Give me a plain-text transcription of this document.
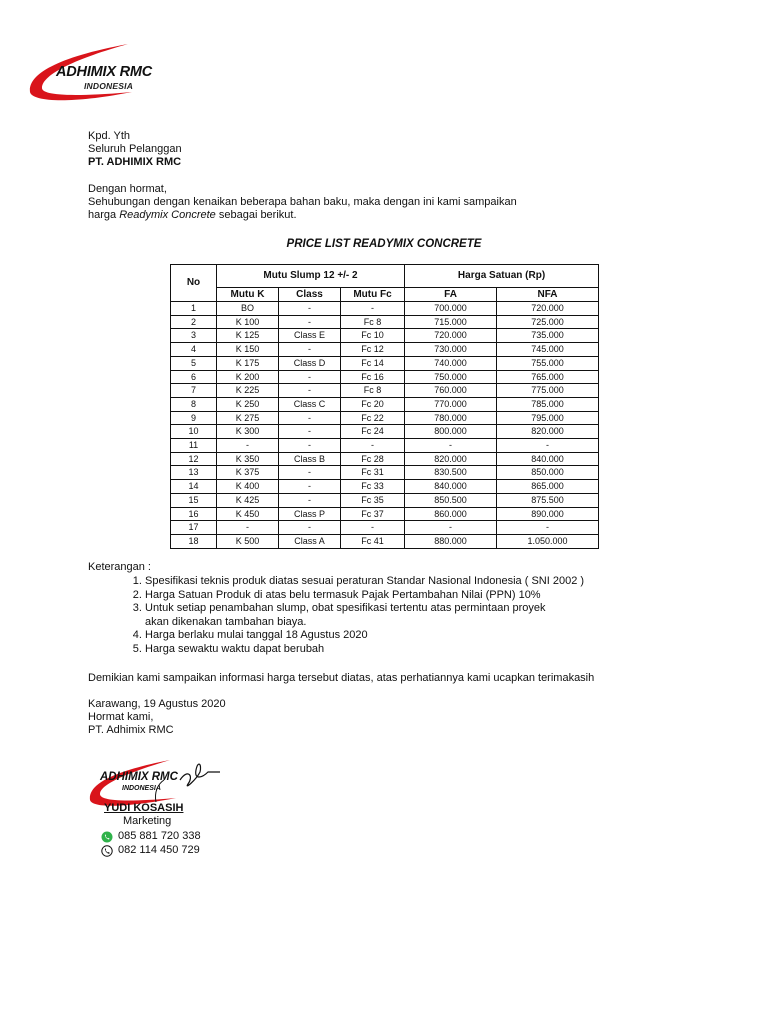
ADHIMIX RMC
INDONESIA
Kpd. Yth
Seluruh Pelanggan
PT. ADHIMIX RMC
Dengan hormat,
Sehubungan dengan kenaikan beberapa bahan baku, maka dengan ini kami sampaikan
harga Readymix Concrete sebagai berikut.
PRICE LIST READYMIX CONCRETE
No	Mutu Slump 12 +/- 2			Harga Satuan (Rp)	
	Mutu K	Class	Mutu Fc	FA	NFA
1	BO	-	-	700.000	720.000
2	K 100	-	Fc 8	715.000	725.000
3	K 125	Class E	Fc 10	720.000	735.000
4	K 150	-	Fc 12	730.000	745.000
5	K 175	Class D	Fc 14	740.000	755.000
6	K 200	-	Fc 16	750.000	765.000
7	K 225	-	Fc 8	760.000	775.000
8	K 250	Class C	Fc 20	770.000	785.000
9	K 275	-	Fc 22	780.000	795.000
10	K 300	-	Fc 24	800.000	820.000
11	-	-	-	-	-
12	K 350	Class B	Fc 28	820.000	840.000
13	K 375	-	Fc 31	830.500	850.000
14	K 400	-	Fc 33	840.000	865.000
15	K 425	-	Fc 35	850.500	875.500
16	K 450	Class P	Fc 37	860.000	890.000
17	-	-	-	-	-
18	K 500	Class A	Fc 41	880.000	1.050.000
Keterangan :
1. Spesifikasi teknis produk diatas sesuai peraturan Standar Nasional Indonesia ( SNI 2002 )
2. Harga Satuan Produk di atas belu termasuk Pajak Pertambahan Nilai (PPN) 10%
3. Untuk setiap penambahan slump, obat spesifikasi tertentu atas permintaan proyek
akan dikenakan tambahan biaya.
4. Harga berlaku mulai tanggal 18 Agustus 2020
5. Harga sewaktu waktu dapat berubah
Demikian kami sampaikan informasi harga tersebut diatas, atas perhatiannya kami ucapkan terimakasih
Karawang, 19 Agustus 2020
Hormat kami,
PT. Adhimix RMC
ADHIMIX RMC
INDONESIA
YUDI KOSASIH
Marketing
085 881 720 338
082 114 450 729
